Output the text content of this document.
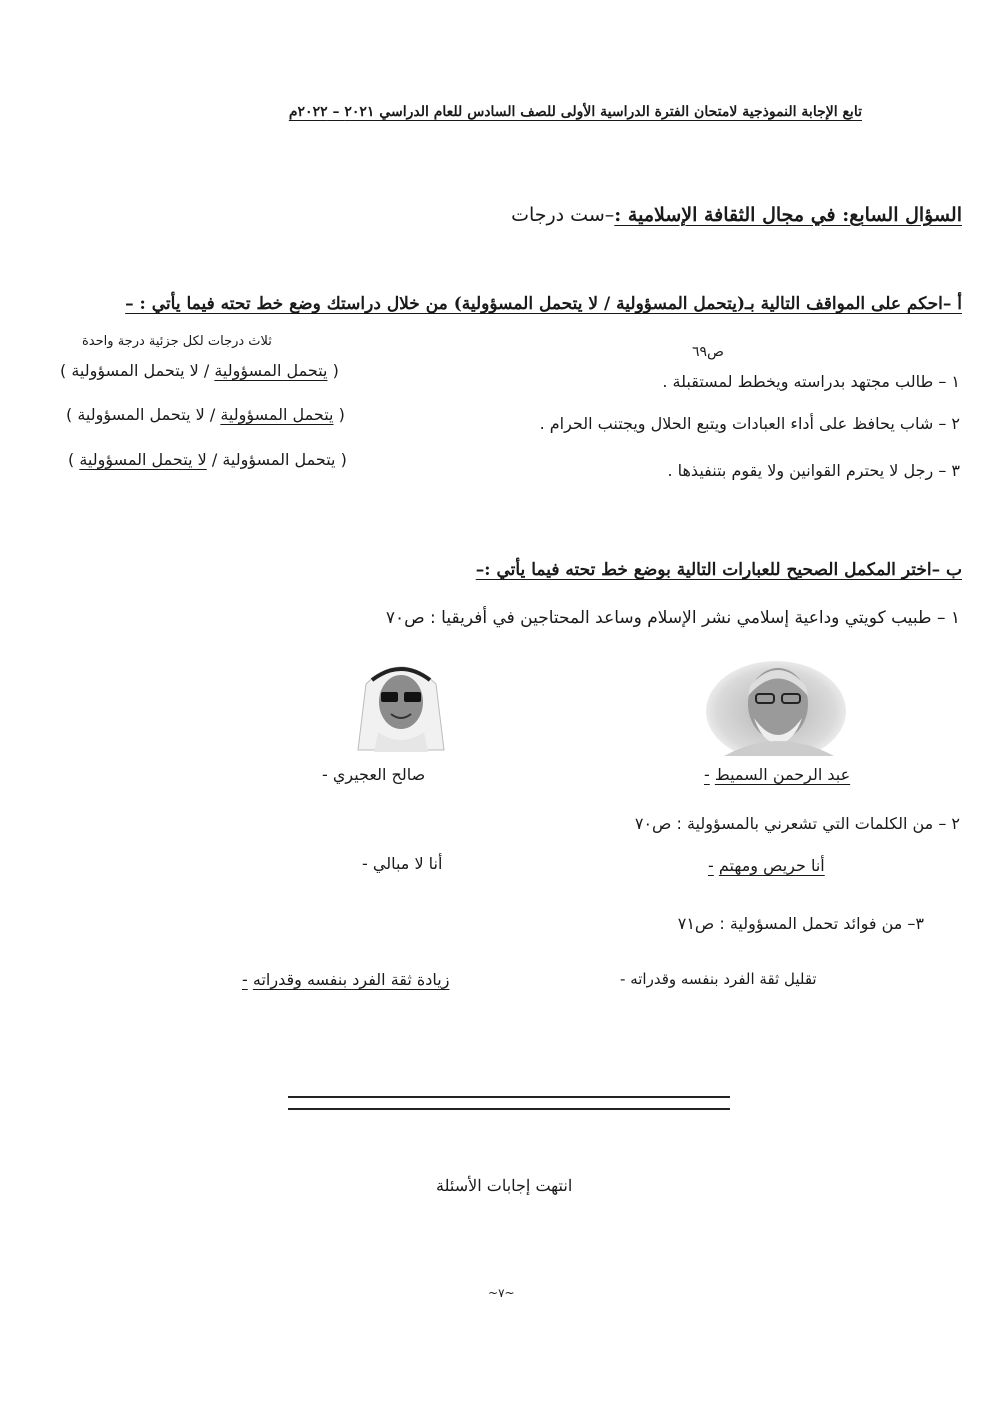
تابع الإجابة النموذجية لامتحان الفترة الدراسية الأولى للصف السادس للعام الدراسي ٢٠٢١ – ٢٠٢٢م
السؤال السابع: في مجال الثقافة الإسلامية :–ست درجات
أ –احكم على المواقف التالية بـ(يتحمل المسؤولية / لا يتحمل المسؤولية) من خلال دراستك وضع خط تحته فيما يأتي : –
ثلاث درجات لكل جزئية درجة واحدة
ص٦٩
١ – طالب مجتهد بدراسته ويخطط لمستقبلة .
( يتحمل المسؤولية / لا يتحمل المسؤولية )
٢ – شاب يحافظ على أداء العبادات ويتبع الحلال ويجتنب الحرام .
( يتحمل المسؤولية / لا يتحمل المسؤولية )
٣ – رجل لا يحترم القوانين ولا يقوم بتنفيذها .
( يتحمل المسؤولية / لا يتحمل المسؤولية )
ب –اختر المكمل الصحيح للعبارات التالية بوضع خط تحته فيما يأتي :–
١ – طبيب كويتي وداعية إسلامي نشر الإسلام وساعد المحتاجين في أفريقيا : ص٧٠
عبد الرحمن السميط -
صالح العجيري -
٢ – من الكلمات التي تشعرني بالمسؤولية : ص٧٠
أنا حريص ومهتم -
أنا لا مبالي -
٣– من فوائد تحمل المسؤولية : ص٧١
تقليل ثقة الفرد بنفسه وقدراته -
زيادة ثقة الفرد بنفسه وقدراته -
انتهت إجابات الأسئلة
~٧~
